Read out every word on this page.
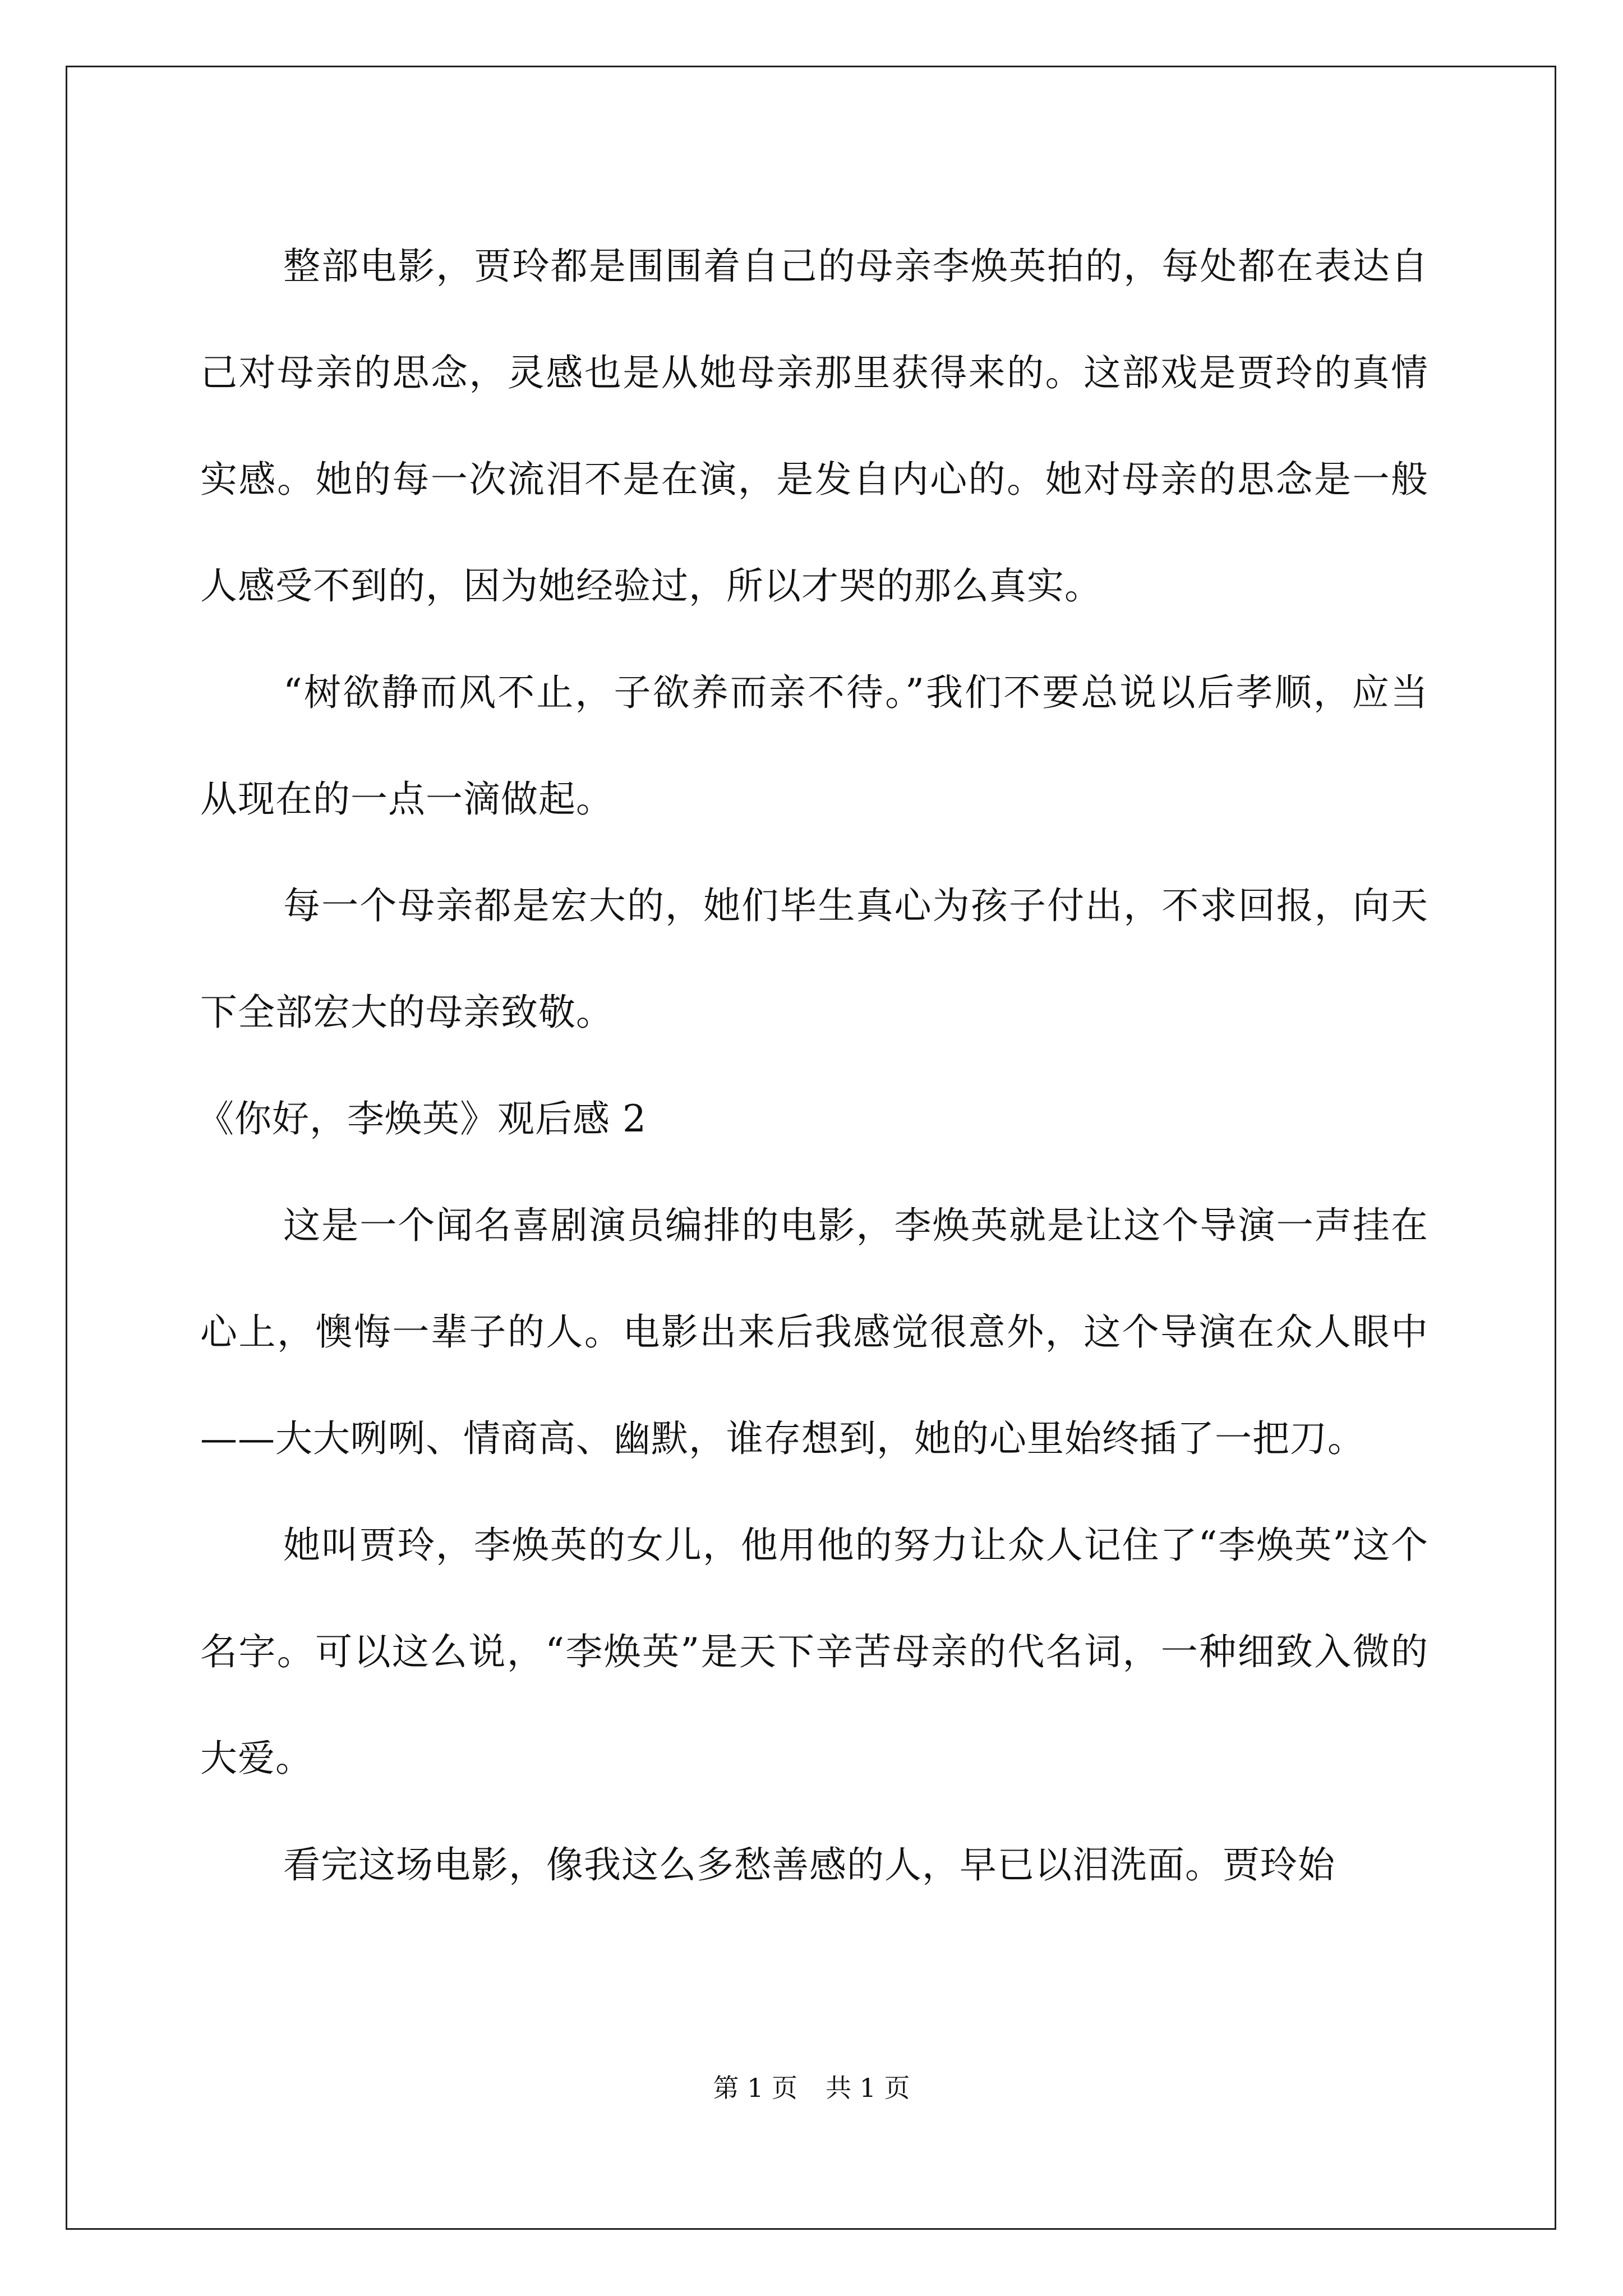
整部电影，贾玲都是围围着自己的母亲李焕英拍的，每处都在表达自己对母亲的思念，灵感也是从她母亲那里获得来的。这部戏是贾玲的真情实感。她的每一次流泪不是在演，是发自内心的。她对母亲的思念是一般人感受不到的，因为她经验过，所以才哭的那么真实。

“树欲静而风不止，子欲养而亲不待。”我们不要总说以后孝顺，应当从现在的一点一滴做起。

每一个母亲都是宏大的，她们毕生真心为孩子付出，不求回报，向天下全部宏大的母亲致敬。

《你好，李焕英》观后感 2

这是一个闻名喜剧演员编排的电影，李焕英就是让这个导演一声挂在心上，懊悔一辈子的人。电影出来后我感觉很意外，这个导演在众人眼中——大大咧咧、情商高、幽默，谁存想到，她的心里始终插了一把刀。

她叫贾玲，李焕英的女儿，他用他的努力让众人记住了“李焕英”这个名字。可以这么说，“李焕英”是天下辛苦母亲的代名词，一种细致入微的大爱。

看完这场电影，像我这么多愁善感的人，早已以泪洗面。贾玲始

第 1 页 共 1 页
